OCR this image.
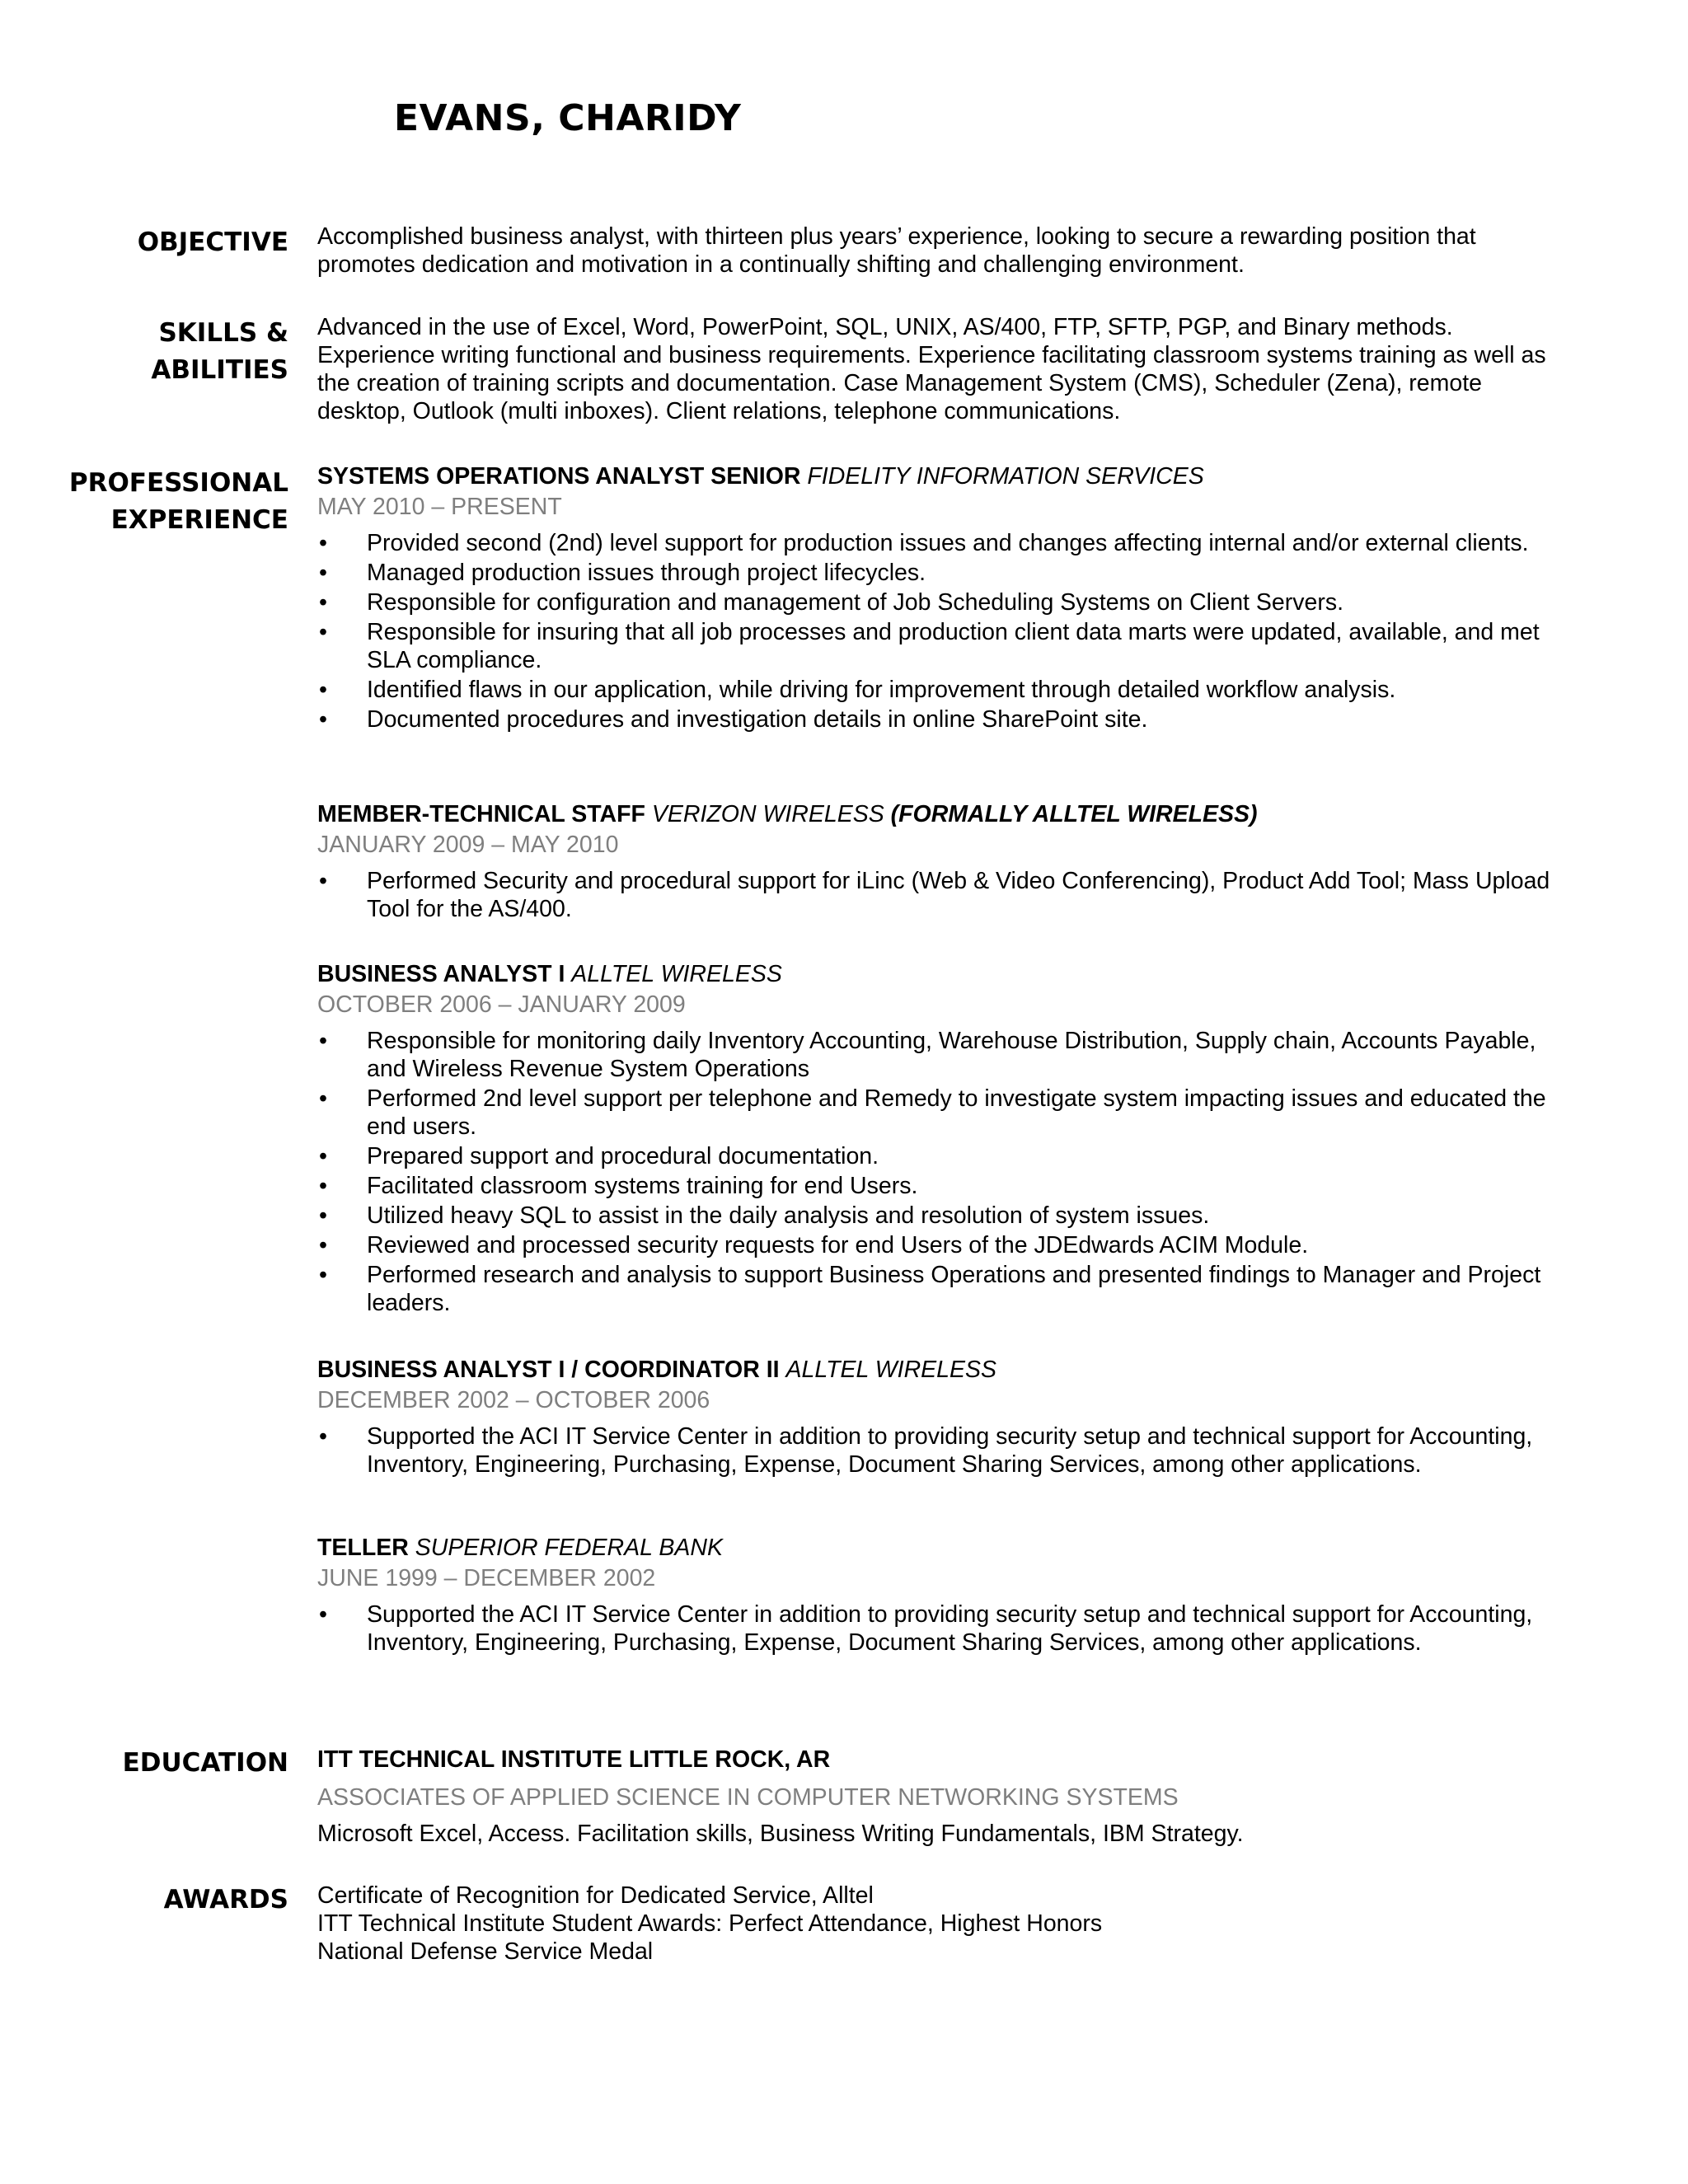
EVANS, CHARIDY
OBJECTIVE Accomplished business analyst, with thirteen plus years’ experience, looking to secure a rewarding position that promotes dedication and motivation in a continually shifting and challenging environment.

SKILLS &
ABILITIES

Advanced in the use of Excel, Word, PowerPoint, SQL, UNIX, AS/400, FTP, SFTP, PGP, and Binary methods. Experience writing functional and business requirements. Experience facilitating classroom systems training as well as the creation of training scripts and documentation. Case Management System (CMS), Scheduler (Zena), remote desktop, Outlook (multi inboxes). Client relations, telephone communications.

PROFESSIONAL
EXPERIENCE

SYSTEMS OPERATIONS ANALYST SENIOR FIDELITY INFORMATION SERVICES

MAY 2010 – PRESENT

• Provided second (2nd) level support for production issues and changes affecting internal and/or external clients.
• Managed production issues through project lifecycles.
• Responsible for configuration and management of Job Scheduling Systems on Client Servers.
• Responsible for insuring that all job processes and production client data marts were updated, available, and met SLA compliance.
• Identified flaws in our application, while driving for improvement through detailed workflow analysis.
• Documented procedures and investigation details in online SharePoint site.

MEMBER-TECHNICAL STAFF VERIZON WIRELESS (FORMALLY ALLTEL WIRELESS)

JANUARY 2009 – MAY 2010

• Performed Security and procedural support for iLinc (Web & Video Conferencing), Product Add Tool; Mass Upload Tool for the AS/400.

BUSINESS ANALYST I ALLTEL WIRELESS

OCTOBER 2006 – JANUARY 2009

• Responsible for monitoring daily Inventory Accounting, Warehouse Distribution, Supply chain, Accounts Payable, and Wireless Revenue System Operations
• Performed 2nd level support per telephone and Remedy to investigate system impacting issues and educated the end users.
• Prepared support and procedural documentation.
• Facilitated classroom systems training for end Users.
• Utilized heavy SQL to assist in the daily analysis and resolution of system issues.
• Reviewed and processed security requests for end Users of the JDEdwards ACIM Module.
• Performed research and analysis to support Business Operations and presented findings to Manager and Project leaders.

BUSINESS ANALYST I / COORDINATOR II ALLTEL WIRELESS

DECEMBER 2002 – OCTOBER 2006

• Supported the ACI IT Service Center in addition to providing security setup and technical support for Accounting, Inventory, Engineering, Purchasing, Expense, Document Sharing Services, among other applications.

TELLER SUPERIOR FEDERAL BANK

JUNE 1999 – DECEMBER 2002

• Supported the ACI IT Service Center in addition to providing security setup and technical support for Accounting, Inventory, Engineering, Purchasing, Expense, Document Sharing Services, among other applications.
EDUCATION ITT TECHNICAL INSTITUTE LITTLE ROCK, AR

ASSOCIATES OF APPLIED SCIENCE IN COMPUTER NETWORKING SYSTEMS

Microsoft Excel, Access. Facilitation skills, Business Writing Fundamentals, IBM Strategy.

AWARDS Certificate of Recognition for Dedicated Service, Alltel

ITT Technical Institute Student Awards: Perfect Attendance, Highest Honors

National Defense Service Medal
